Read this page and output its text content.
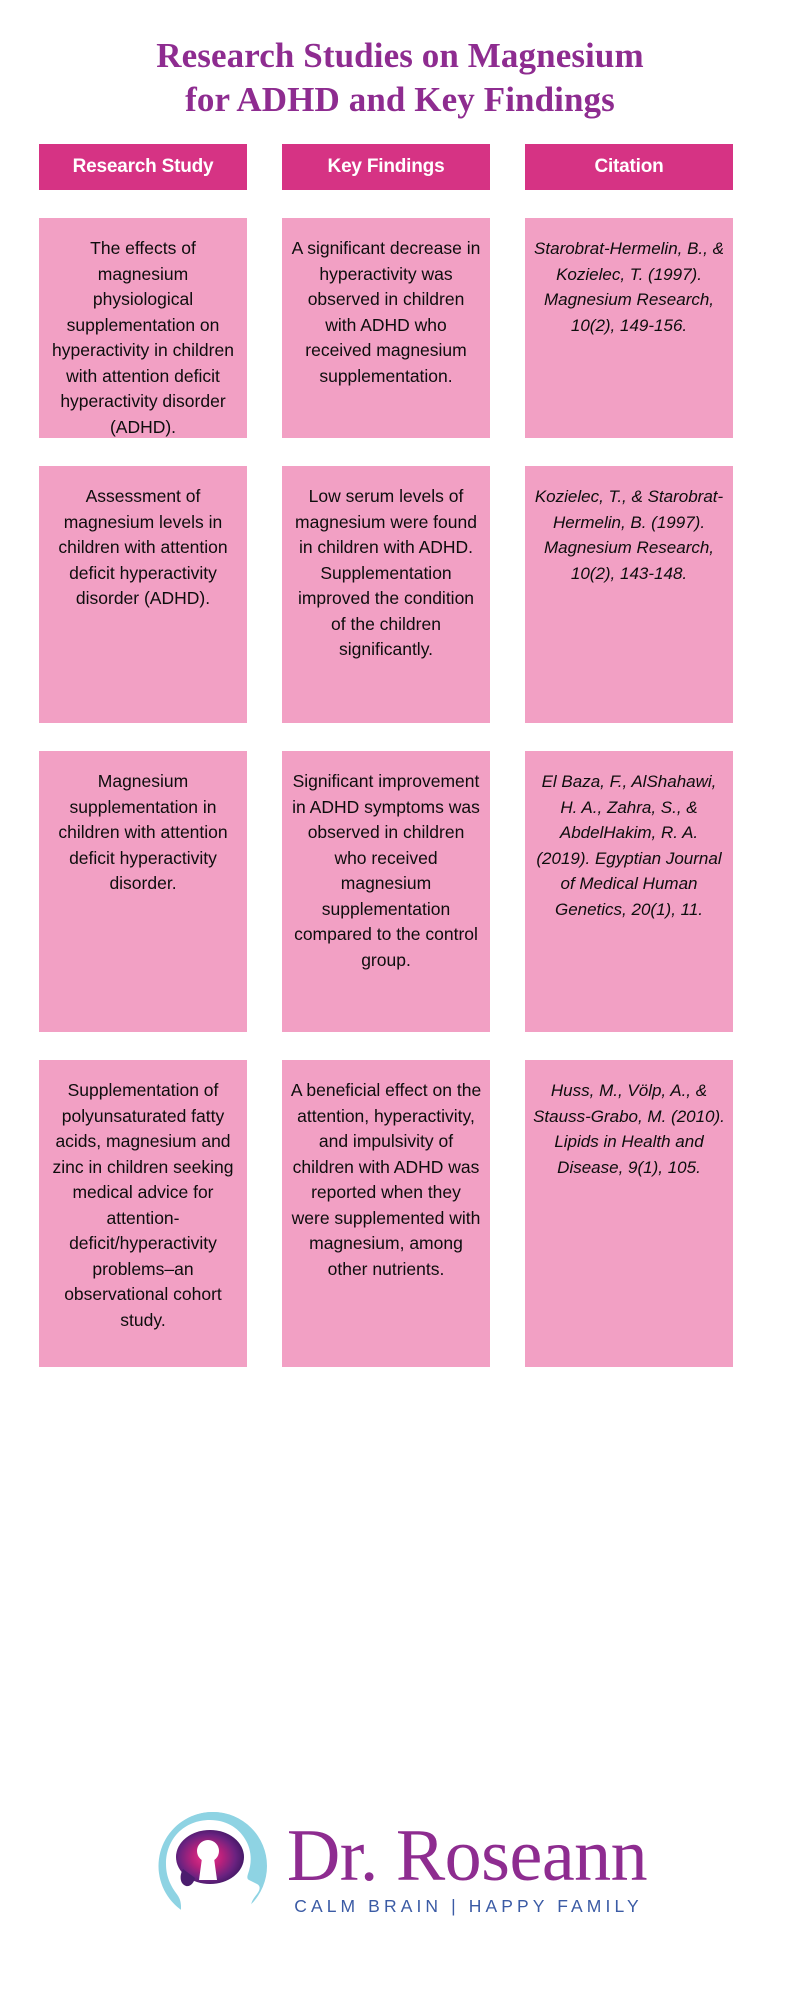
Research Studies on Magnesium
for ADHD and Key Findings
Research Study	Key Findings	Citation
The effects of magnesium physiological supplementation on hyperactivity in children with attention deficit hyperactivity disorder (ADHD).
A significant decrease in hyperactivity was observed in children with ADHD who received magnesium supplementation.
Starobrat-Hermelin, B., & Kozielec, T. (1997). Magnesium Research, 10(2), 149-156.
Assessment of magnesium levels in children with attention deficit hyperactivity disorder (ADHD).
Low serum levels of magnesium were found in children with ADHD. Supplementation improved the condition of the children significantly.
Kozielec, T., & Starobrat-Hermelin, B. (1997). Magnesium Research, 10(2), 143-148.
Magnesium supplementation in children with attention deficit hyperactivity disorder.
Significant improvement in ADHD symptoms was observed in children who received magnesium supplementation compared to the control group.
El Baza, F., AlShahawi, H. A., Zahra, S., & AbdelHakim, R. A. (2019). Egyptian Journal of Medical Human Genetics, 20(1), 11.
Supplementation of polyunsaturated fatty acids, magnesium and zinc in children seeking medical advice for attention-deficit/hyperactivity problems–an observational cohort study.
A beneficial effect on the attention, hyperactivity, and impulsivity of children with ADHD was reported when they were supplemented with magnesium, among other nutrients.
Huss, M., Völp, A., & Stauss-Grabo, M. (2010). Lipids in Health and Disease, 9(1), 105.
Dr. Roseann
CALM BRAIN | HAPPY FAMILY
